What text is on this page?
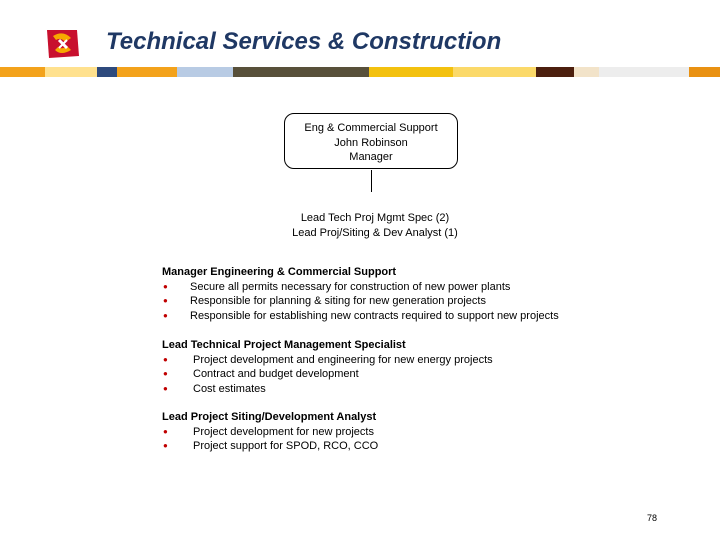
Technical Services & Construction
Eng & Commercial Support
John Robinson
Manager
Lead Tech Proj Mgmt Spec (2)
Lead Proj/Siting & Dev Analyst (1)
Manager Engineering & Commercial Support
● Secure all permits necessary for construction of new power plants
● Responsible for planning & siting for new generation projects
● Responsible for establishing new contracts required to support new projects
Lead Technical Project Management Specialist
● Project development and engineering for new energy projects
● Contract and budget development
● Cost estimates
Lead Project Siting/Development Analyst
● Project development for new projects
● Project support for SPOD, RCO, CCO
78
